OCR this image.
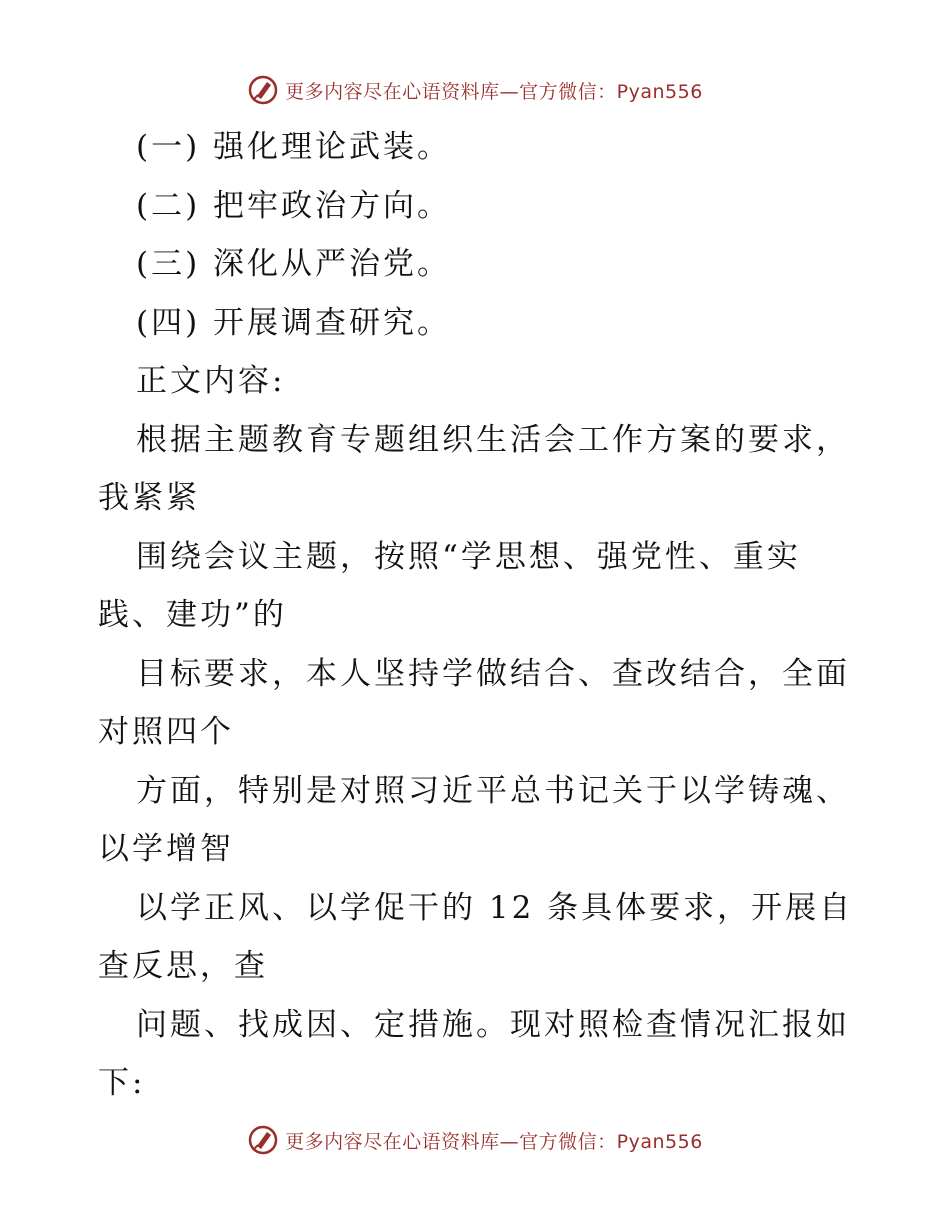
更多内容尽在心语资料库—官方微信：Pyan556
(一) 强化理论武装。
(二) 把牢政治方向。
(三) 深化从严治党。
(四) 开展调查研究。
正文内容:
根据主题教育专题组织生活会工作方案的要求，
我紧紧
围绕会议主题，按照“学思想、强党性、重实
践、建功”的
目标要求，本人坚持学做结合、查改结合，全面
对照四个
方面，特别是对照习近平总书记关于以学铸魂、
以学增智
以学正风、以学促干的 12 条具体要求，开展自
查反思，查
问题、找成因、定措施。现对照检查情况汇报如
下:
更多内容尽在心语资料库—官方微信：Pyan556
